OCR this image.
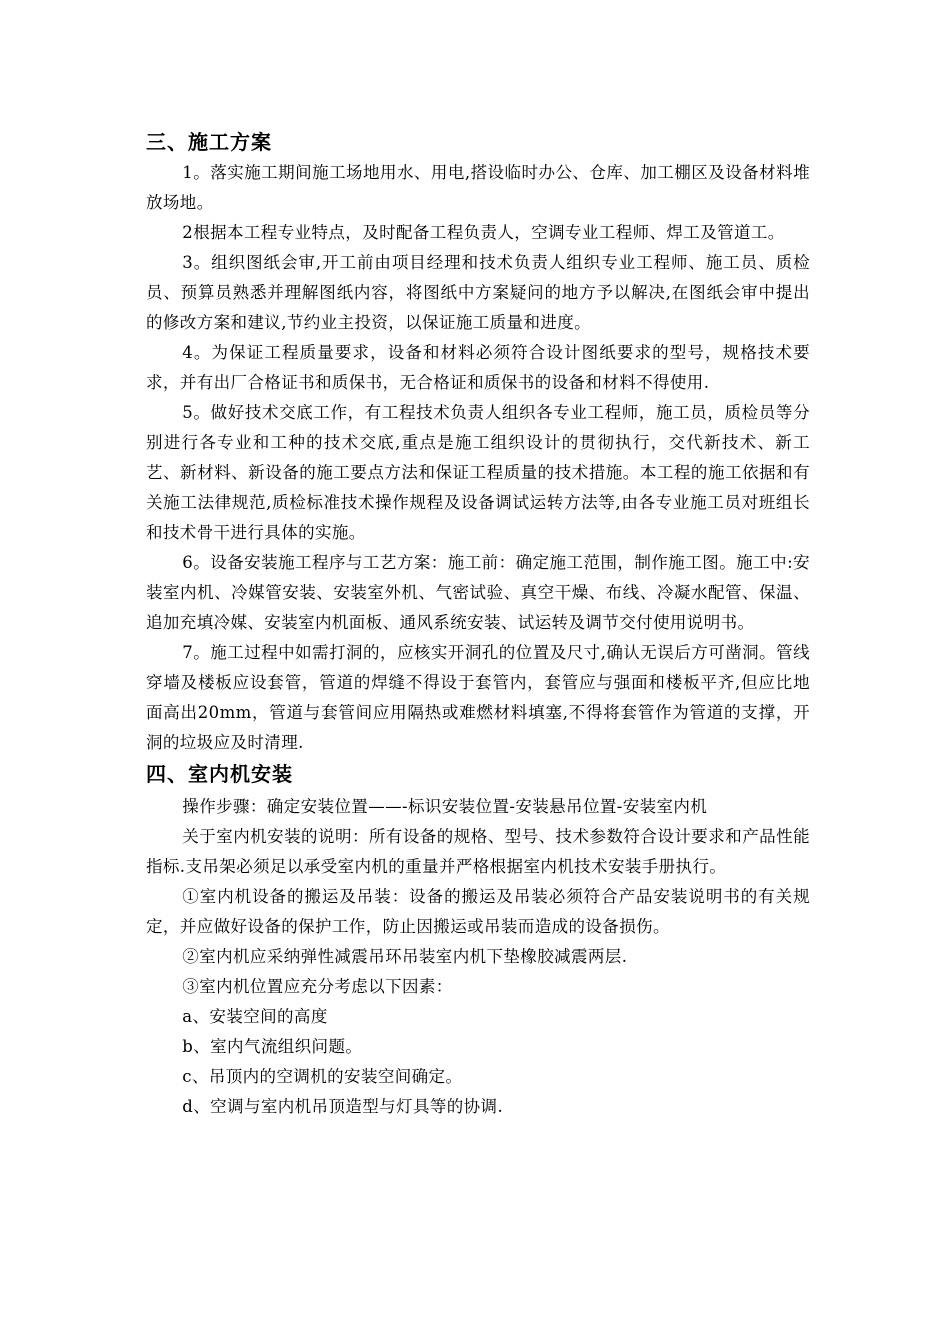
三、施工方案

1。落实施工期间施工场地用水、用电,搭设临时办公、仓库、加工棚区及设备材料堆放场地。

2根据本工程专业特点，及时配备工程负责人，空调专业工程师、焊工及管道工。

3。组织图纸会审,开工前由项目经理和技术负责人组织专业工程师、施工员、质检员、预算员熟悉并理解图纸内容，将图纸中方案疑问的地方予以解决,在图纸会审中提出的修改方案和建议,节约业主投资，以保证施工质量和进度。

4。为保证工程质量要求，设备和材料必须符合设计图纸要求的型号，规格技术要求，并有出厂合格证书和质保书，无合格证和质保书的设备和材料不得使用.

5。做好技术交底工作，有工程技术负责人组织各专业工程师，施工员，质检员等分别进行各专业和工种的技术交底,重点是施工组织设计的贯彻执行，交代新技术、新工艺、新材料、新设备的施工要点方法和保证工程质量的技术措施。本工程的施工依据和有关施工法律规范,质检标准技术操作规程及设备调试运转方法等,由各专业施工员对班组长和技术骨干进行具体的实施。

6。设备安装施工程序与工艺方案：施工前：确定施工范围，制作施工图。施工中:安装室内机、冷媒管安装、安装室外机、气密试验、真空干燥、布线、冷凝水配管、保温、追加充填冷媒、安装室内机面板、通风系统安装、试运转及调节交付使用说明书。

7。施工过程中如需打洞的，应核实开洞孔的位置及尺寸,确认无误后方可凿洞。管线穿墙及楼板应设套管，管道的焊缝不得设于套管内，套管应与强面和楼板平齐,但应比地面高出20mm，管道与套管间应用隔热或难燃材料填塞,不得将套管作为管道的支撑，开洞的垃圾应及时清理.

四、室内机安装

操作步骤：确定安装位置——-标识安装位置-安装悬吊位置-安装室内机

关于室内机安装的说明：所有设备的规格、型号、技术参数符合设计要求和产品性能指标.支吊架必须足以承受室内机的重量并严格根据室内机技术安装手册执行。

①室内机设备的搬运及吊装：设备的搬运及吊装必须符合产品安装说明书的有关规定，并应做好设备的保护工作，防止因搬运或吊装而造成的设备损伤。

②室内机应采纳弹性减震吊环吊装室内机下垫橡胶减震两层.

③室内机位置应充分考虑以下因素：

a、安装空间的高度

b、室内气流组织问题。

c、吊顶内的空调机的安装空间确定。

d、空调与室内机吊顶造型与灯具等的协调.
